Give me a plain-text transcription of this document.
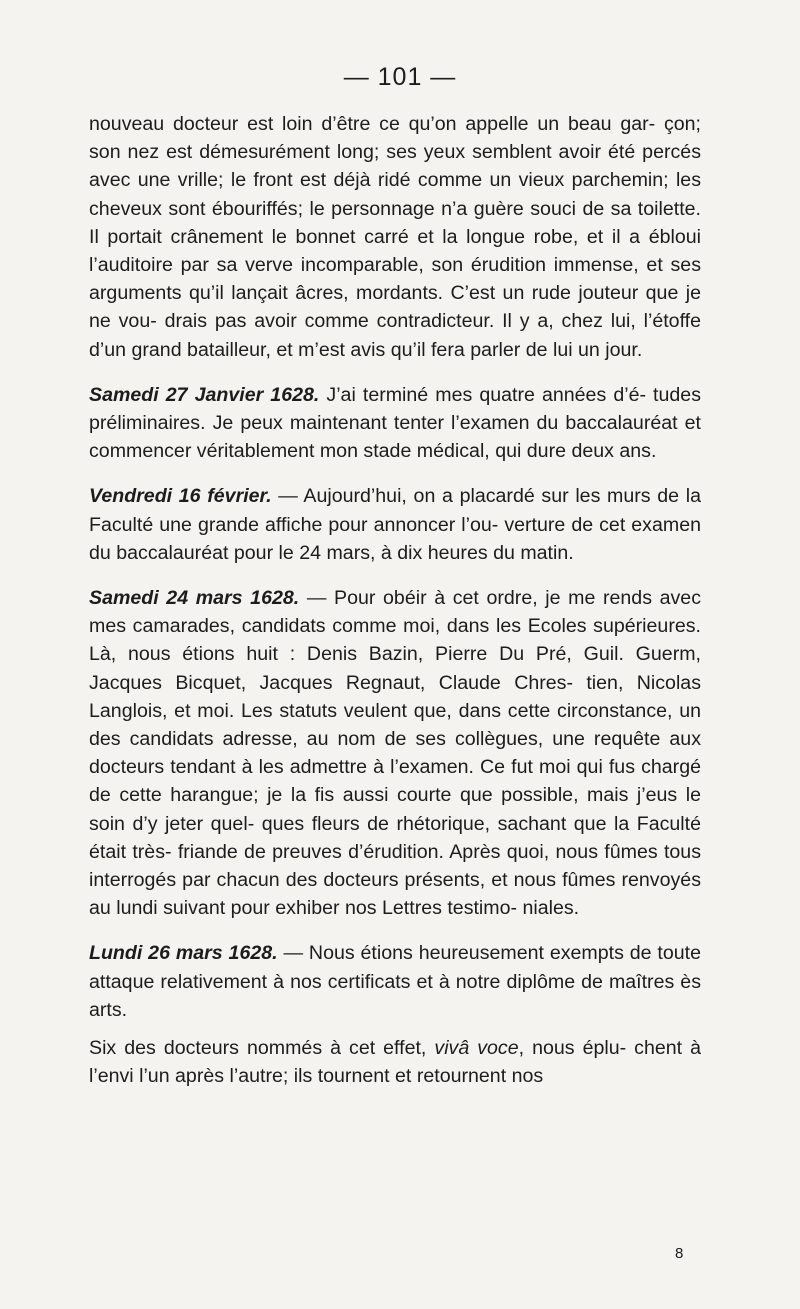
— 101 —

nouveau docteur est loin d’être ce qu’on appelle un beau gar- çon; son nez est démesurément long; ses yeux semblent avoir été percés avec une vrille; le front est déjà ridé comme un vieux parchemin; les cheveux sont ébouriffés; le personnage n’a guère souci de sa toilette. Il portait crânement le bonnet carré et la longue robe, et il a ébloui l’auditoire par sa verve incomparable, son érudition immense, et ses arguments qu’il lançait âcres, mordants. C’est un rude jouteur que je ne vou- drais pas avoir comme contradicteur. Il y a, chez lui, l’étoffe d’un grand batailleur, et m’est avis qu’il fera parler de lui un jour.

Samedi 27 Janvier 1628. J’ai terminé mes quatre années d’é- tudes préliminaires. Je peux maintenant tenter l’examen du baccalauréat et commencer véritablement mon stade médical, qui dure deux ans.

Vendredi 16 février. — Aujourd’hui, on a placardé sur les murs de la Faculté une grande affiche pour annoncer l’ou- verture de cet examen du baccalauréat pour le 24 mars, à dix heures du matin.

Samedi 24 mars 1628. — Pour obéir à cet ordre, je me rends avec mes camarades, candidats comme moi, dans les Ecoles supérieures. Là, nous étions huit : Denis Bazin, Pierre Du Pré, Guil. Guerm, Jacques Bicquet, Jacques Regnaut, Claude Chres- tien, Nicolas Langlois, et moi. Les statuts veulent que, dans cette circonstance, un des candidats adresse, au nom de ses collègues, une requête aux docteurs tendant à les admettre à l’examen. Ce fut moi qui fus chargé de cette harangue; je la fis aussi courte que possible, mais j’eus le soin d’y jeter quel- ques fleurs de rhétorique, sachant que la Faculté était très- friande de preuves d’érudition. Après quoi, nous fûmes tous interrogés par chacun des docteurs présents, et nous fûmes renvoyés au lundi suivant pour exhiber nos Lettres testimo- niales.

Lundi 26 mars 1628. — Nous étions heureusement exempts de toute attaque relativement à nos certificats et à notre diplôme de maîtres ès arts.

Six des docteurs nommés à cet effet, vivâ voce, nous éplu- chent à l’envi l’un après l’autre; ils tournent et retournent nos

8
